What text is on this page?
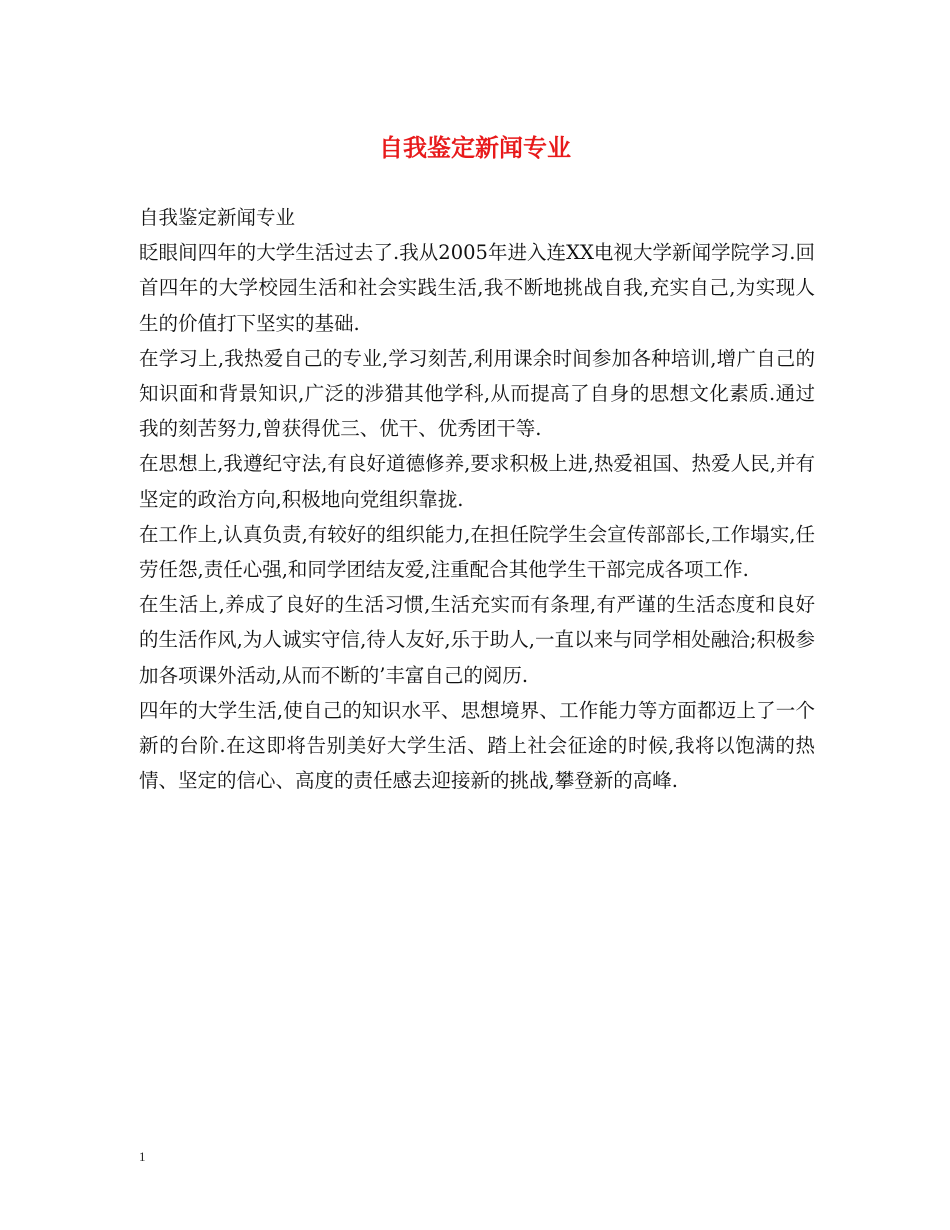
自我鉴定新闻专业

自我鉴定新闻专业

眨眼间四年的大学生活过去了.我从2005年进入连XX电视大学新闻学院学习.回首四年的大学校园生活和社会实践生活,我不断地挑战自我,充实自己,为实现人生的价值打下坚实的基础.

在学习上,我热爱自己的专业,学习刻苦,利用课余时间参加各种培训,增广自己的知识面和背景知识,广泛的涉猎其他学科,从而提高了自身的思想文化素质.通过我的刻苦努力,曾获得优三、优干、优秀团干等.

在思想上,我遵纪守法,有良好道德修养,要求积极上进,热爱祖国、热爱人民,并有坚定的政治方向,积极地向党组织靠拢.

在工作上,认真负责,有较好的组织能力,在担任院学生会宣传部部长,工作塌实,任劳任怨,责任心强,和同学团结友爱,注重配合其他学生干部完成各项工作.

在生活上,养成了良好的生活习惯,生活充实而有条理,有严谨的生活态度和良好的生活作风,为人诚实守信,待人友好,乐于助人,一直以来与同学相处融洽;积极参加各项课外活动,从而不断的’丰富自己的阅历.

四年的大学生活,使自己的知识水平、思想境界、工作能力等方面都迈上了一个新的台阶.在这即将告别美好大学生活、踏上社会征途的时候,我将以饱满的热情、坚定的信心、高度的责任感去迎接新的挑战,攀登新的高峰.

1
